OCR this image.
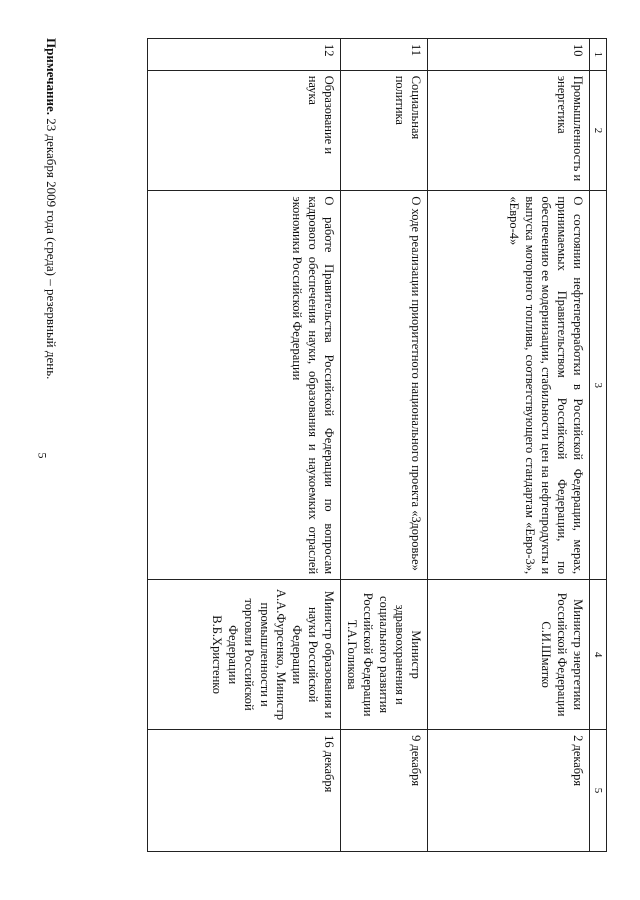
5
1	2	3	4	5
10	Промышленность и энергетика	О состоянии нефтепереработки в Российской Федерации, мерах, принимаемых Правительством Российской Федерации, по обеспечению ее модернизации, стабильности цен на нефтепродукты и выпуска моторного топлива, соответствующего стандартам «Евро-3», «Евро-4»	Министр энергетики Российской Федерации С.И.Шматко	2 декабря
11	Социальная политика	О ходе реализации приоритетного национального проекта «Здоровье»	Министр здравоохранения и социального развития Российской Федерации Т.А.Голикова	9 декабря
12	Образование и наука	О работе Правительства Российской Федерации по вопросам кадрового обеспечения науки, образования и наукоемких отраслей экономики Российской Федерации	Министр образования и науки Российской Федерации А.А.Фурсенко, Министр промышленности и торговли Российской Федерации В.Б.Христенко	16 декабря
Примечание. 23 декабря 2009 года (среда) – резервный день.
